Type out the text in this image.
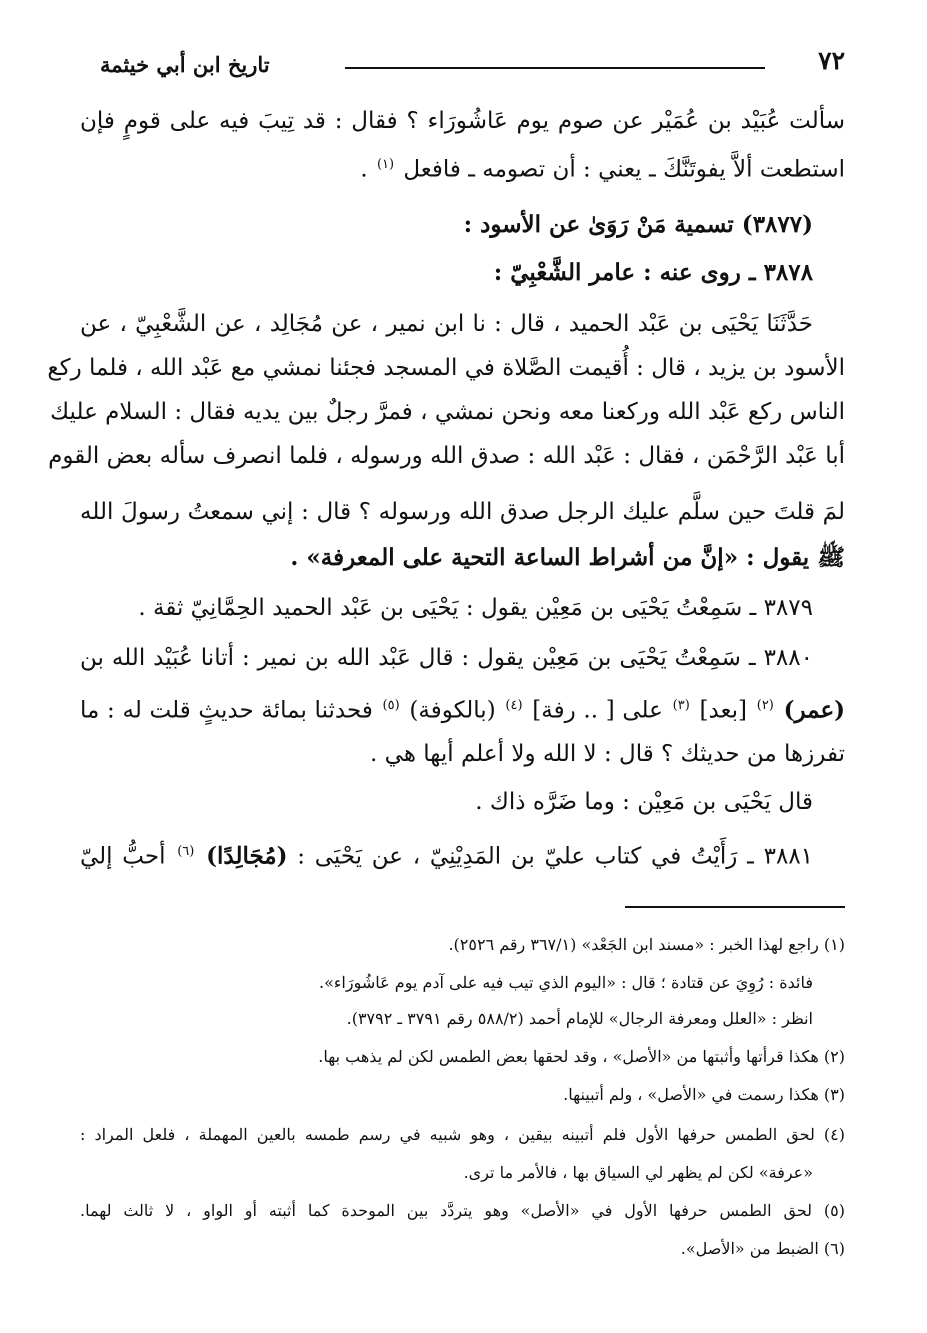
٧٢
تاريخ ابن أبي خيثمة
سألت عُبَيْد بن عُمَيْر عن صوم يوم عَاشُورَاء ؟ فقال : قد تِيبَ فيه على قومٍ فإن
استطعت ألاَّ يفوتَنَّكَ ـ يعني : أن تصومه ـ فافعل $^{(١)}$ .
(٣٨٧٧) تسمية مَنْ رَوَىٰ عن الأسود :
٣٨٧٨ ـ روى عنه : عامر الشَّعْبِيّ :
حَدَّثَنَا يَحْيَى بن عَبْد الحميد ، قال : نا ابن نمير ، عن مُجَالِد ، عن الشَّعْبِيّ ، عن
الأسود بن يزيد ، قال : أُقيمت الصَّلاة في المسجد فجئنا نمشي مع عَبْد الله ، فلما ركع
الناس ركع عَبْد الله وركعنا معه ونحن نمشي ، فمرَّ رجلٌ بين يديه فقال : السلام عليك
أبا عَبْد الرَّحْمَن ، فقال : عَبْد الله : صدق الله ورسوله ، فلما انصرف سأله بعض القوم
لمَ قلتَ حين سلَّم عليك الرجل صدق الله ورسوله ؟ قال : إني سمعتُ رسولَ الله
ﷺ يقول : «إنَّ من أشراط الساعة التحية على المعرفة» .
٣٨٧٩ ـ سَمِعْتُ يَحْيَى بن مَعِيْن يقول : يَحْيَى بن عَبْد الحميد الحِمَّانِيّ ثقة .
٣٨٨٠ ـ سَمِعْتُ يَحْيَى بن مَعِيْن يقول : قال عَبْد الله بن نمير : أتانا عُبَيْد الله بن
(عمر) $^{(٢)}$ [بعد] $^{(٣)}$ على [ .. رفة] $^{(٤)}$ (بالكوفة) $^{(٥)}$ فحدثنا بمائة حديثٍ قلت له : ما
تفرزها من حديثك ؟ قال : لا الله ولا أعلم أيها هي .
قال يَحْيَى بن مَعِيْن : وما ضَرَّه ذاك .
٣٨٨١ ـ رَأَيْتُ في كتاب عليّ بن المَدِيْنِيّ ، عن يَحْيَى : (مُجَالِدًا) $^{(٦)}$ أحبُّ إليّ
(١) راجع لهذا الخبر : «مسند ابن الجَعْد» (٣٦٧/١ رقم ٢٥٢٦).
فائدة : رُوِيَ عن قتادة ؛ قال : «اليوم الذي تيب فيه على آدم يوم عَاشُورَاء».
انظر : «العلل ومعرفة الرجال» للإمام أحمد (٥٨٨/٢ رقم ٣٧٩١ ـ ٣٧٩٢).
(٢) هكذا قرأتها وأثبتها من «الأصل» ، وقد لحقها بعض الطمس لكن لم يذهب بها.
(٣) هكذا رسمت في «الأصل» ، ولم أتبينها.
(٤) لحق الطمس حرفها الأول فلم أتبينه بيقين ، وهو شبيه في رسم طمسه بالعين المهملة ، فلعل المراد :
«عرفة» لكن لم يظهر لي السياق بها ، فالأمر ما ترى.
(٥) لحق الطمس حرفها الأول في «الأصل» وهو يتردَّد بين الموحدة كما أثبته أو الواو ، لا ثالث لهما.
(٦) الضبط من «الأصل».
